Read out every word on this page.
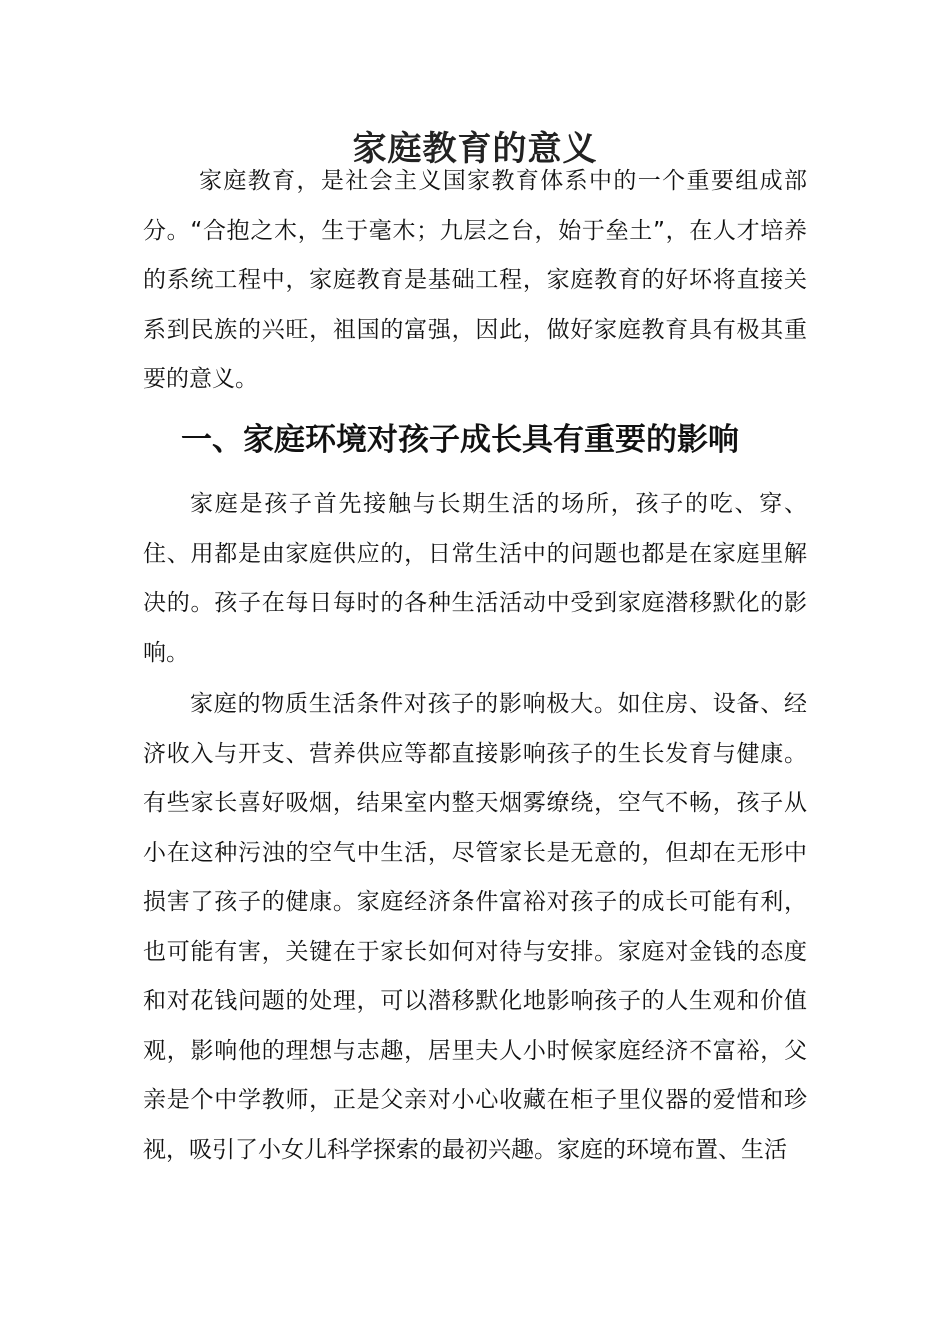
家庭教育的意义

家庭教育，是社会主义国家教育体系中的一个重要组成部分。“合抱之木，生于毫木；九层之台，始于垒土”，在人才培养的系统工程中，家庭教育是基础工程，家庭教育的好坏将直接关系到民族的兴旺，祖国的富强，因此，做好家庭教育具有极其重要的意义。

一、家庭环境对孩子成长具有重要的影响

家庭是孩子首先接触与长期生活的场所，孩子的吃、穿、住、用都是由家庭供应的，日常生活中的问题也都是在家庭里解决的。孩子在每日每时的各种生活活动中受到家庭潜移默化的影响。

家庭的物质生活条件对孩子的影响极大。如住房、设备、经济收入与开支、营养供应等都直接影响孩子的生长发育与健康。有些家长喜好吸烟，结果室内整天烟雾缭绕，空气不畅，孩子从小在这种污浊的空气中生活，尽管家长是无意的，但却在无形中损害了孩子的健康。家庭经济条件富裕对孩子的成长可能有利，也可能有害，关键在于家长如何对待与安排。家庭对金钱的态度和对花钱问题的处理，可以潜移默化地影响孩子的人生观和价值观，影响他的理想与志趣，居里夫人小时候家庭经济不富裕，父亲是个中学教师，正是父亲对小心收藏在柜子里仪器的爱惜和珍视，吸引了小女儿科学探索的最初兴趣。家庭的环境布置、生活
